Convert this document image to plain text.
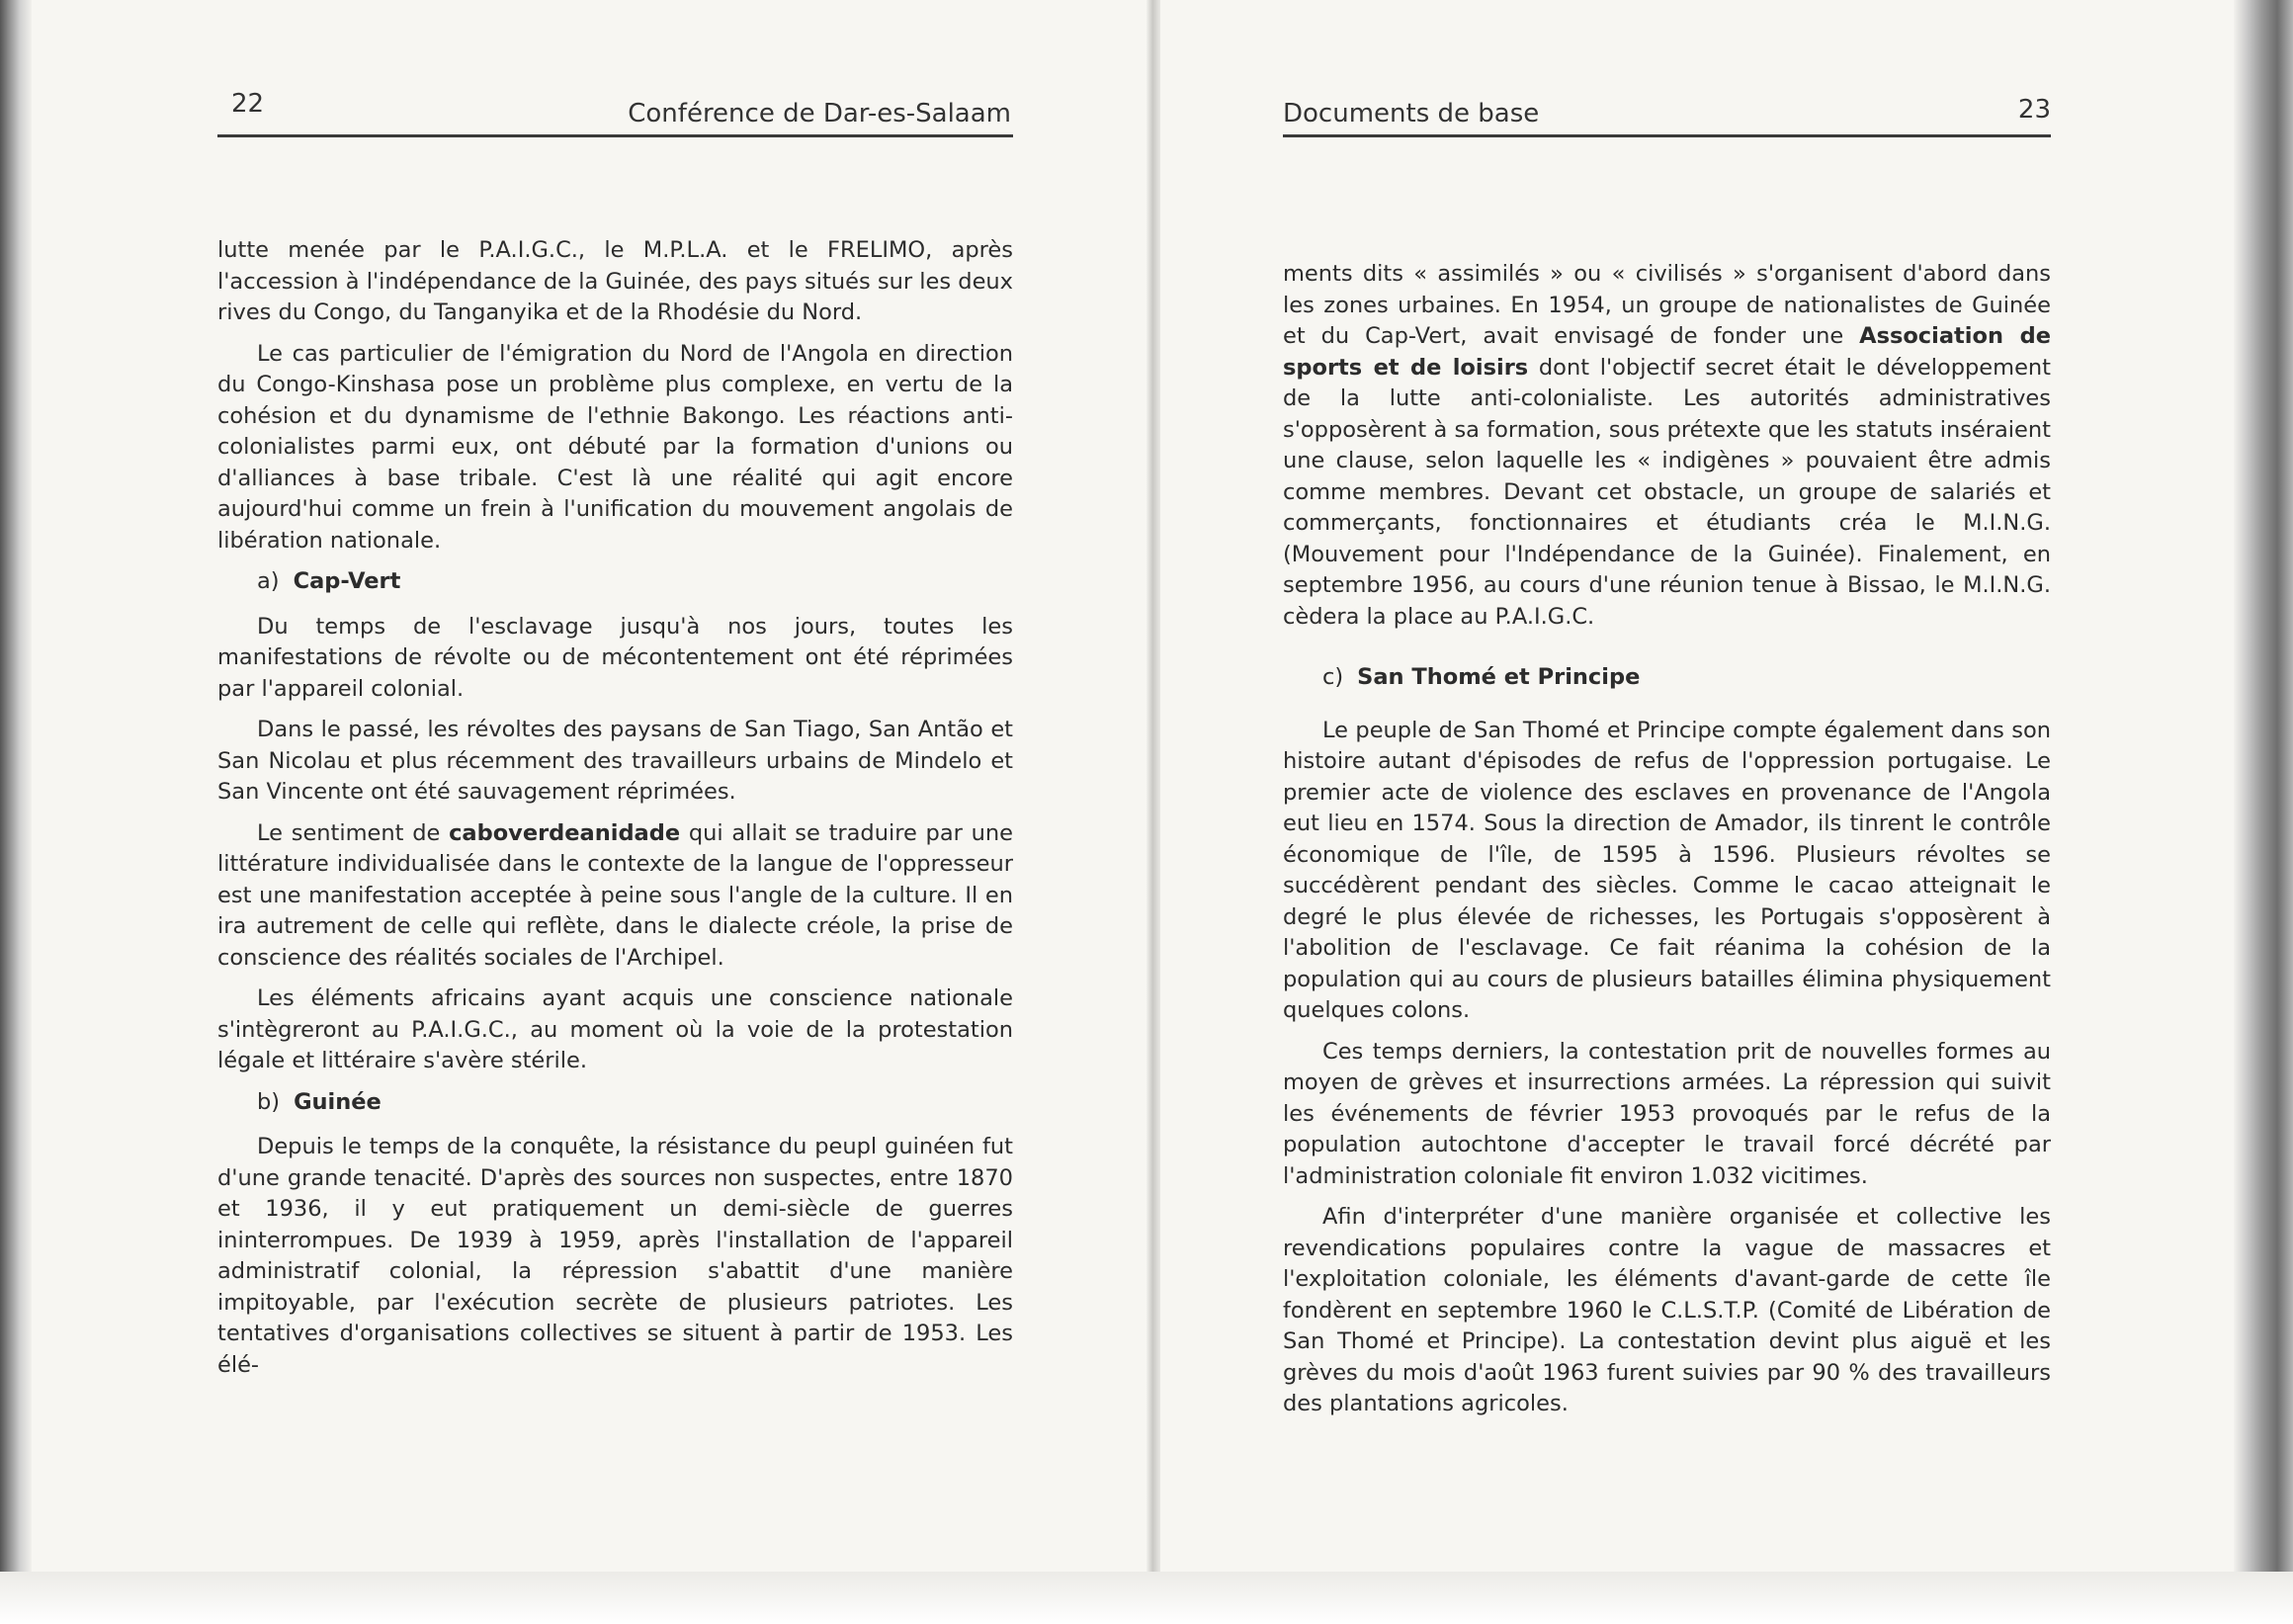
22	Conférence de Dar-es-Salaam

lutte menée par le P.A.I.G.C., le M.P.L.A. et le FRELIMO, après l'accession à l'indépendance de la Guinée, des pays situés sur les deux rives du Congo, du Tanganyika et de la Rhodésie du Nord.

Le cas particulier de l'émigration du Nord de l'Angola en direction du Congo-Kinshasa pose un problème plus complexe, en vertu de la cohésion et du dynamisme de l'ethnie Bakongo. Les réactions anti-colonialistes parmi eux, ont débuté par la formation d'unions ou d'alliances à base tribale. C'est là une réalité qui agit encore aujourd'hui comme un frein à l'unification du mouvement angolais de libération nationale.

a) Cap-Vert

Du temps de l'esclavage jusqu'à nos jours, toutes les manifestations de révolte ou de mécontentement ont été réprimées par l'appareil colonial.

Dans le passé, les révoltes des paysans de San Tiago, San Antão et San Nicolau et plus récemment des travailleurs urbains de Mindelo et San Vincente ont été sauvagement réprimées.

Le sentiment de caboverdeanidade qui allait se traduire par une littérature individualisée dans le contexte de la langue de l'oppresseur est une manifestation acceptée à peine sous l'angle de la culture. Il en ira autrement de celle qui reflète, dans le dialecte créole, la prise de conscience des réalités sociales de l'Archipel.

Les éléments africains ayant acquis une conscience nationale s'intègreront au P.A.I.G.C., au moment où la voie de la protestation légale et littéraire s'avère stérile.

b) Guinée

Depuis le temps de la conquête, la résistance du peupl guinéen fut d'une grande tenacité. D'après des sources non suspectes, entre 1870 et 1936, il y eut pratiquement un demi-siècle de guerres ininterrompues. De 1939 à 1959, après l'installation de l'appareil administratif colonial, la répression s'abattit d'une manière impitoyable, par l'exécution secrète de plusieurs patriotes. Les tentatives d'organisations collectives se situent à partir de 1953. Les élé-

Documents de base	23

ments dits « assimilés » ou « civilisés » s'organisent d'abord dans les zones urbaines. En 1954, un groupe de nationalistes de Guinée et du Cap-Vert, avait envisagé de fonder une Association de sports et de loisirs dont l'objectif secret était le développement de la lutte anti-colonialiste. Les autorités administratives s'opposèrent à sa formation, sous prétexte que les statuts inséraient une clause, selon laquelle les « indigènes » pouvaient être admis comme membres. Devant cet obstacle, un groupe de salariés et commerçants, fonctionnaires et étudiants créa le M.I.N.G. (Mouvement pour l'Indépendance de la Guinée). Finalement, en septembre 1956, au cours d'une réunion tenue à Bissao, le M.I.N.G. cèdera la place au P.A.I.G.C.

c) San Thomé et Principe

Le peuple de San Thomé et Principe compte également dans son histoire autant d'épisodes de refus de l'oppression portugaise. Le premier acte de violence des esclaves en provenance de l'Angola eut lieu en 1574. Sous la direction de Amador, ils tinrent le contrôle économique de l'île, de 1595 à 1596. Plusieurs révoltes se succédèrent pendant des siècles. Comme le cacao atteignait le degré le plus élevée de richesses, les Portugais s'opposèrent à l'abolition de l'esclavage. Ce fait réanima la cohésion de la population qui au cours de plusieurs batailles élimina physiquement quelques colons.

Ces temps derniers, la contestation prit de nouvelles formes au moyen de grèves et insurrections armées. La répression qui suivit les événements de février 1953 provoqués par le refus de la population autochtone d'accepter le travail forcé décrété par l'administration coloniale fit environ 1.032 vicitimes.

Afin d'interpréter d'une manière organisée et collective les revendications populaires contre la vague de massacres et l'exploitation coloniale, les éléments d'avant-garde de cette île fondèrent en septembre 1960 le C.L.S.T.P. (Comité de Libération de San Thomé et Principe). La contestation devint plus aiguë et les grèves du mois d'août 1963 furent suivies par 90 % des travailleurs des plantations agricoles.
